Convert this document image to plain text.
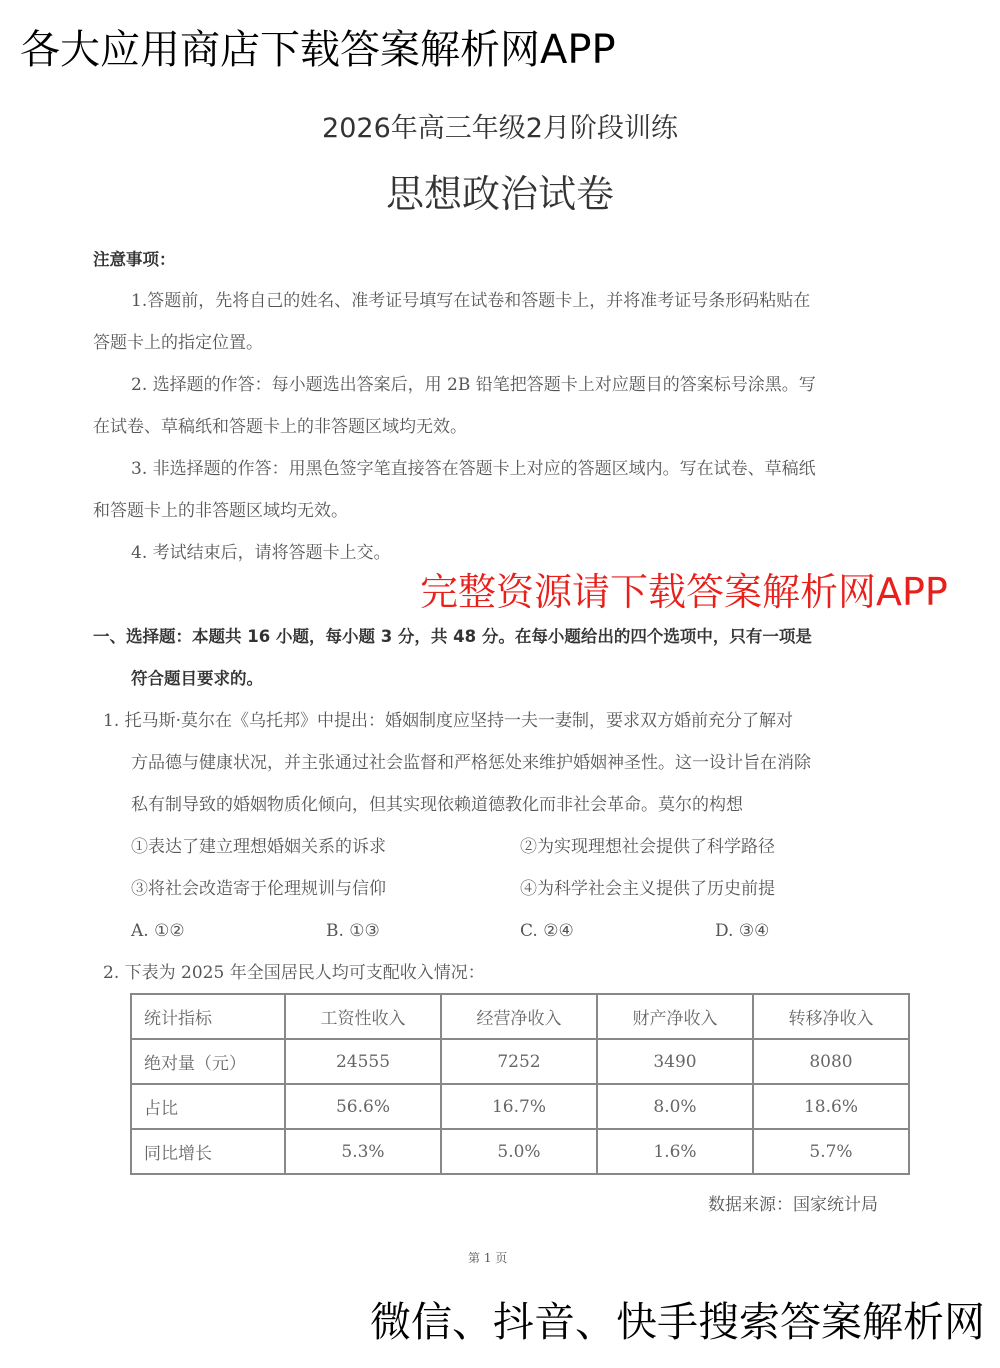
各大应用商店下载答案解析网APP
2026年高三年级2月阶段训练
思想政治试卷
注意事项：
1.答题前，先将自己的姓名、准考证号填写在试卷和答题卡上，并将准考证号条形码粘贴在
答题卡上的指定位置。
2. 选择题的作答：每小题选出答案后，用 2B 铅笔把答题卡上对应题目的答案标号涂黑。写
在试卷、草稿纸和答题卡上的非答题区域均无效。
3. 非选择题的作答：用黑色签字笔直接答在答题卡上对应的答题区域内。写在试卷、草稿纸
和答题卡上的非答题区域均无效。
4. 考试结束后，请将答题卡上交。
完整资源请下载答案解析网APP
一、选择题：本题共 16 小题，每小题 3 分，共 48 分。在每小题给出的四个选项中，只有一项是
符合题目要求的。
1. 托马斯·莫尔在《乌托邦》中提出：婚姻制度应坚持一夫一妻制，要求双方婚前充分了解对
方品德与健康状况，并主张通过社会监督和严格惩处来维护婚姻神圣性。这一设计旨在消除
私有制导致的婚姻物质化倾向，但其实现依赖道德教化而非社会革命。莫尔的构想
①表达了建立理想婚姻关系的诉求	②为实现理想社会提供了科学路径
③将社会改造寄于伦理规训与信仰	④为科学社会主义提供了历史前提
A. ①②	B. ①③	C. ②④	D. ③④
2. 下表为 2025 年全国居民人均可支配收入情况：
统计指标	工资性收入	经营净收入	财产净收入	转移净收入
绝对量（元）	24555	7252	3490	8080
占比	56.6%	16.7%	8.0%	18.6%
同比增长	5.3%	5.0%	1.6%	5.7%
数据来源：国家统计局
第 1 页
微信、抖音、快手搜索答案解析网
